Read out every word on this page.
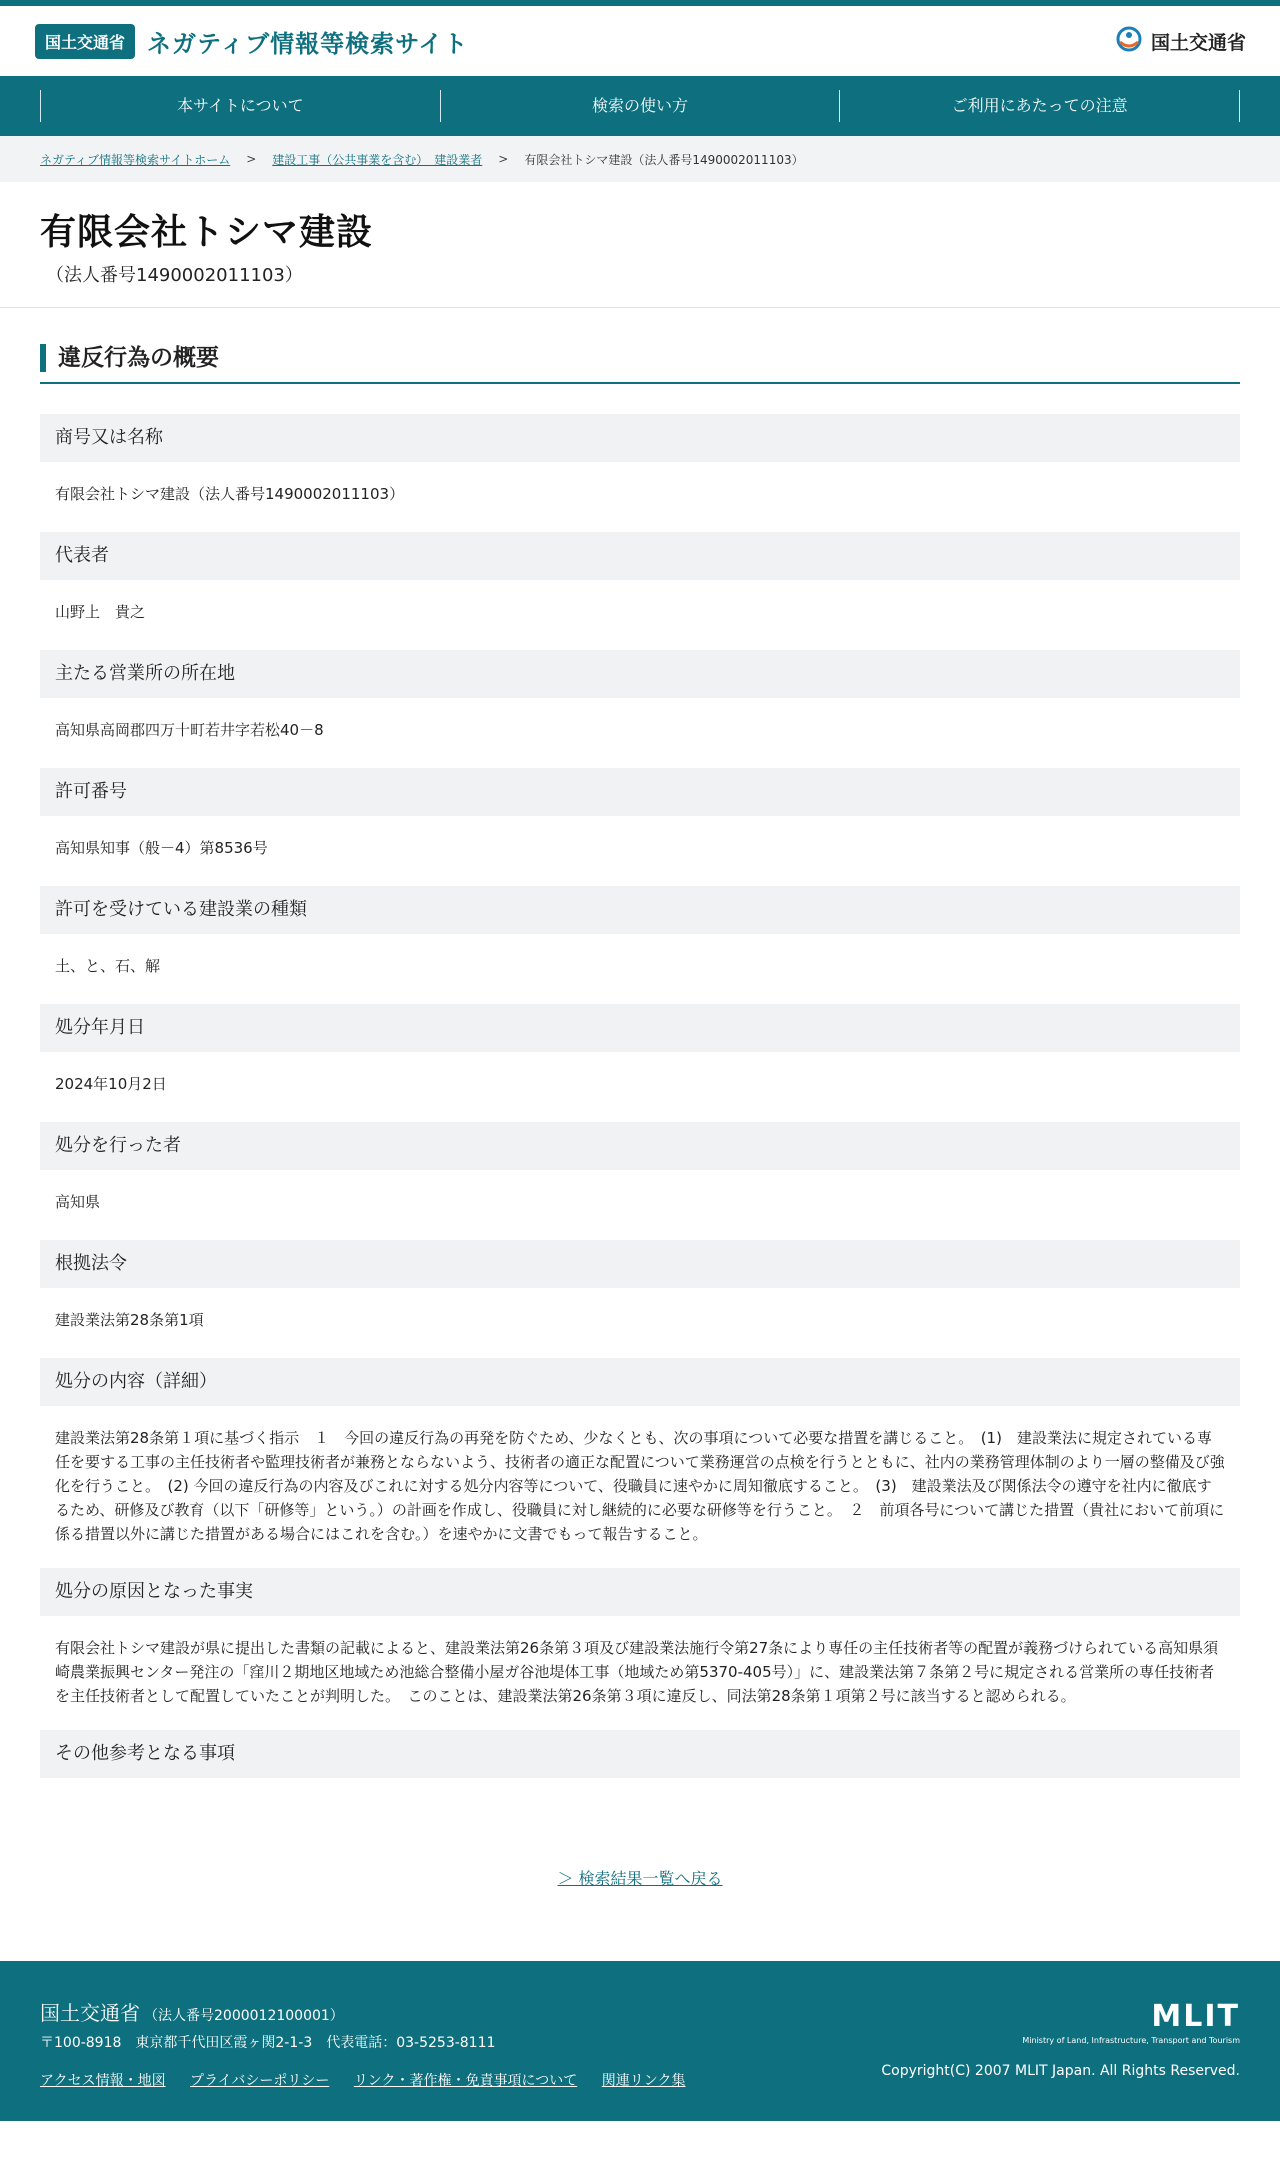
国土交通省 ネガティブ情報等検索サイト	国土交通省
本サイトについて	検索の使い方	ご利用にあたっての注意
ネガティブ情報等検索サイトホーム > 建設工事（公共事業を含む）　建設業者 > 有限会社トシマ建設（法人番号1490002011103）
有限会社トシマ建設
（法人番号1490002011103）
違反行為の概要
商号又は名称
有限会社トシマ建設（法人番号1490002011103）
代表者
山野上　貴之
主たる営業所の所在地
高知県高岡郡四万十町若井字若松40－8
許可番号
高知県知事（般－4）第8536号
許可を受けている建設業の種類
土、と、石、解
処分年月日
2024年10月2日
処分を行った者
高知県
根拠法令
建設業法第28条第1項
処分の内容（詳細）
建設業法第28条第１項に基づく指示　１　今回の違反行為の再発を防ぐため、少なくとも、次の事項について必要な措置を講じること。　(1)　建設業法に規定されている専任を要する工事の主任技術者や監理技術者が兼務とならないよう、技術者の適正な配置について業務運営の点検を行うとともに、社内の業務管理体制のより一層の整備及び強化を行うこと。　(2) 今回の違反行為の内容及びこれに対する処分内容等について、役職員に速やかに周知徹底すること。　(3)　建設業法及び関係法令の遵守を社内に徹底するため、研修及び教育（以下「研修等」という。）の計画を作成し、役職員に対し継続的に必要な研修等を行うこと。　２　前項各号について講じた措置（貴社において前項に係る措置以外に講じた措置がある場合にはこれを含む。）を速やかに文書でもって報告すること。
処分の原因となった事実
有限会社トシマ建設が県に提出した書類の記載によると、建設業法第26条第３項及び建設業法施行令第27条により専任の主任技術者等の配置が義務づけられている高知県須崎農業振興センター発注の「窪川２期地区地域ため池総合整備小屋ガ谷池堤体工事（地域ため第5370-405号）」に、建設業法第７条第２号に規定される営業所の専任技術者を主任技術者として配置していたことが判明した。　このことは、建設業法第26条第３項に違反し、同法第28条第１項第２号に該当すると認められる。
その他参考となる事項
＞ 検索結果一覧へ戻る
国土交通省 （法人番号2000012100001）
〒100-8918　東京都千代田区霞ヶ関2-1-3　代表電話：03-5253-8111
アクセス情報・地図 プライバシーポリシー リンク・著作権・免責事項について 関連リンク集
MLIT
Ministry of Land, Infrastructure, Transport and Tourism
Copyright(C) 2007 MLIT Japan. All Rights Reserved.
